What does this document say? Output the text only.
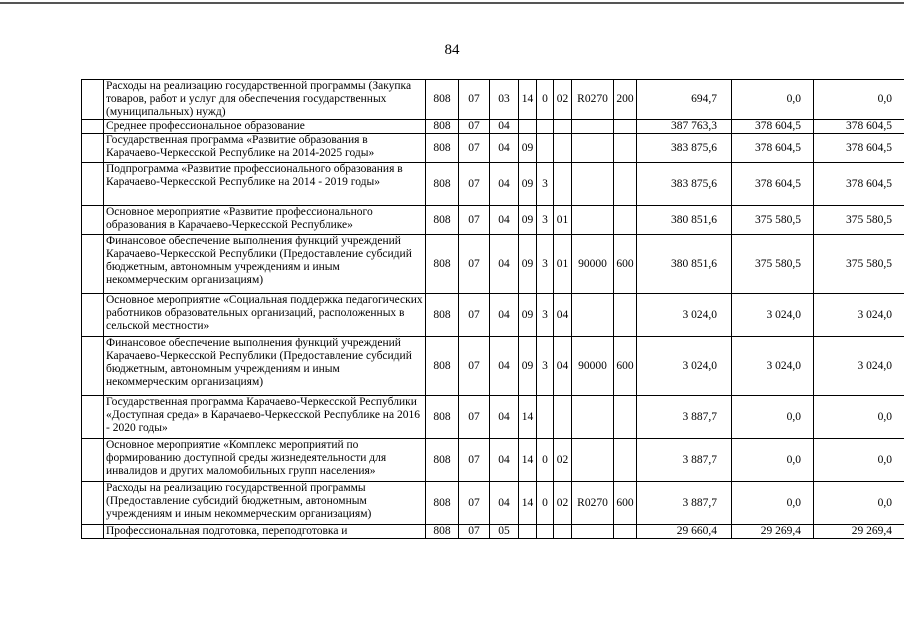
84
	Расходы на реализацию государственной программы (Закупка товаров, работ и услуг для обеспечения государственных (муниципальных) нужд)	808	07	03	14	0	02	R0270	200	694,7	0,0	0,0
	Среднее профессиональное образование	808	07	04						387 763,3	378 604,5	378 604,5
	Государственная программа «Развитие образования в Карачаево-Черкесской Республике на 2014-2025 годы»	808	07	04	09					383 875,6	378 604,5	378 604,5
	Подпрограмма «Развитие профессионального образования в Карачаево-Черкесской Республике на 2014 - 2019 годы»	808	07	04	09	3				383 875,6	378 604,5	378 604,5
	Основное мероприятие «Развитие профессионального образования в Карачаево-Черкесской Республике»	808	07	04	09	3	01			380 851,6	375 580,5	375 580,5
	Финансовое обеспечение выполнения функций учреждений Карачаево-Черкесской Республики (Предоставление субсидий бюджетным, автономным учреждениям и иным некоммерческим организациям)	808	07	04	09	3	01	90000	600	380 851,6	375 580,5	375 580,5
	Основное мероприятие «Социальная поддержка педагогических работников образовательных организаций, расположенных в сельской местности»	808	07	04	09	3	04			3 024,0	3 024,0	3 024,0
	Финансовое обеспечение выполнения функций учреждений Карачаево-Черкесской Республики (Предоставление субсидий бюджетным, автономным учреждениям и иным некоммерческим организациям)	808	07	04	09	3	04	90000	600	3 024,0	3 024,0	3 024,0
	Государственная программа Карачаево-Черкесской Республики «Доступная среда» в Карачаево-Черкесской Республике на 2016 - 2020 годы»	808	07	04	14					3 887,7	0,0	0,0
	Основное мероприятие «Комплекс мероприятий по формированию доступной среды жизнедеятельности для инвалидов и других маломобильных групп населения»	808	07	04	14	0	02			3 887,7	0,0	0,0
	Расходы на реализацию государственной программы (Предоставление субсидий бюджетным, автономным учреждениям и иным некоммерческим организациям)	808	07	04	14	0	02	R0270	600	3 887,7	0,0	0,0
	Профессиональная подготовка, переподготовка и	808	07	05						29 660,4	29 269,4	29 269,4
